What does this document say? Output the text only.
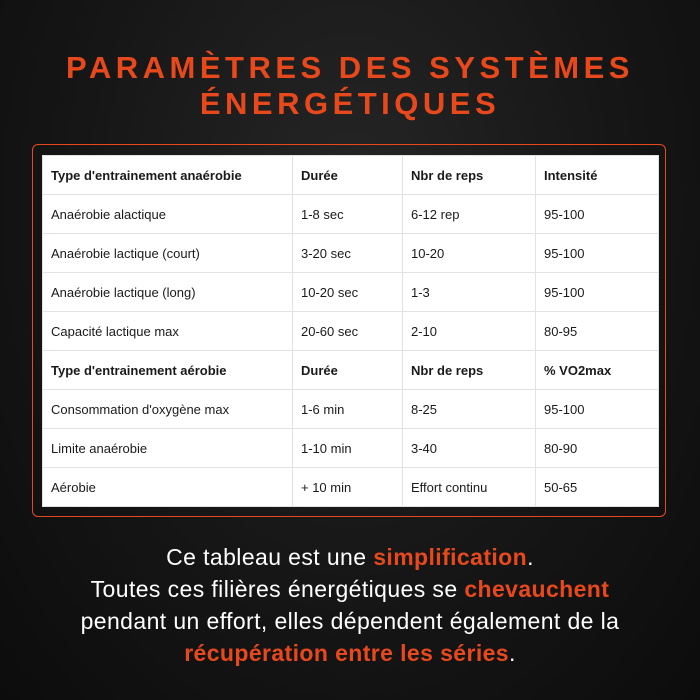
PARAMÈTRES DES SYSTÈMES
ÉNERGÉTIQUES
Type d'entrainement anaérobie	Durée	Nbr de reps	Intensité
Anaérobie alactique	1-8 sec	6-12 rep	95-100
Anaérobie lactique (court)	3-20 sec	10-20	95-100
Anaérobie lactique (long)	10-20 sec	1-3	95-100
Capacité lactique max	20-60 sec	2-10	80-95
Type d'entrainement aérobie	Durée	Nbr de reps	% VO2max
Consommation d'oxygène max	1-6 min	8-25	95-100
Limite anaérobie	1-10 min	3-40	80-90
Aérobie	+ 10 min	Effort continu	50-65
Ce tableau est une simplification.
Toutes ces filières énergétiques se chevauchent
pendant un effort, elles dépendent également de la
récupération entre les séries.
